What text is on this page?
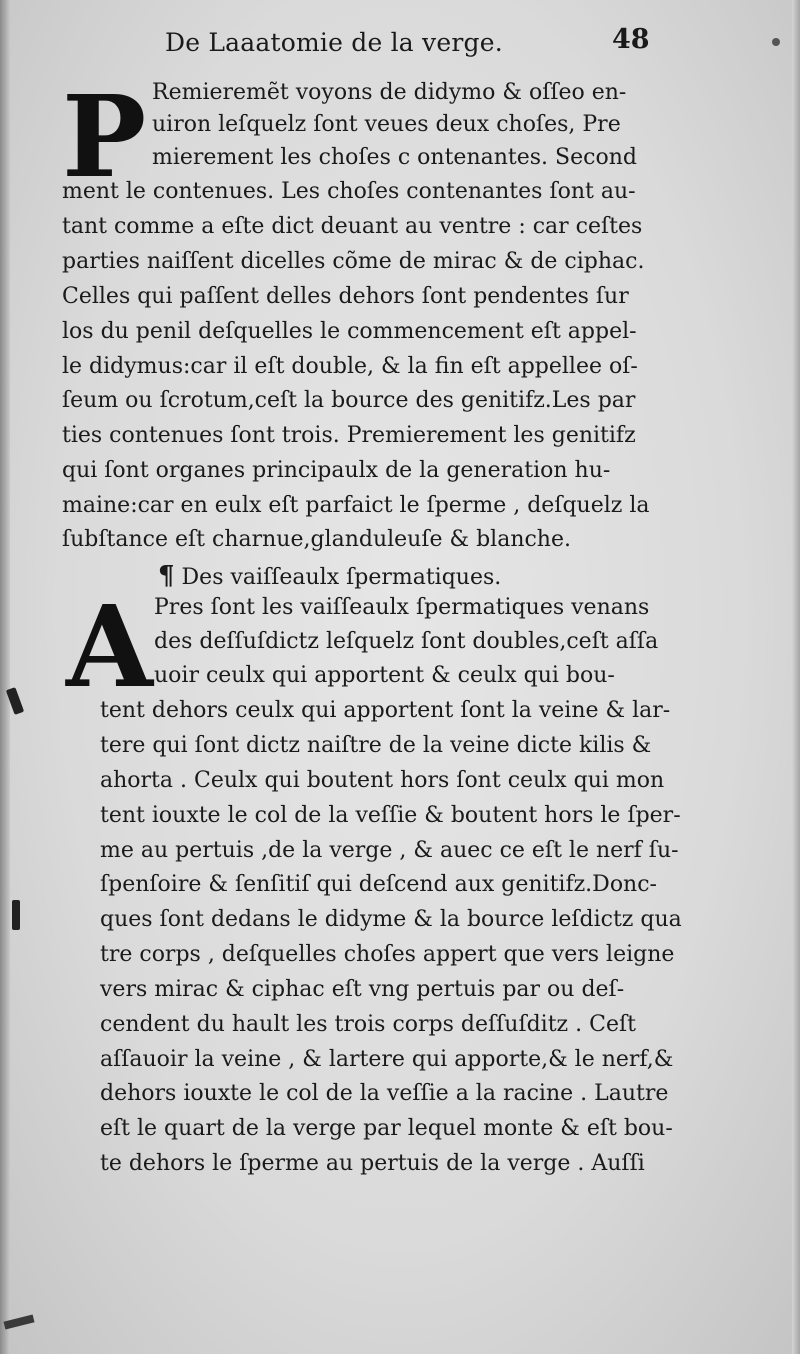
De Laaatomie de la verge.	48
P Remieremẽt voyons de didymo & oſſeo en-
uiron leſquelz ſont veues deux choſes, Pre
mierement les choſes c ontenantes. Second
ment le contenues. Les choſes contenantes ſont au-
tant comme a eſte dict deuant au ventre : car ceſtes
parties naiſſent dicelles cõme de mirac & de ciphac.
Celles qui paſſent delles dehors ſont pendentes ſur
los du penil deſquelles le commencement eſt appel-
le didymus:car il eſt double, & la fin eſt appellee oſ-
ſeum ou ſcrotum,ceſt la bource des genitifz.Les par
ties contenues ſont trois. Premierement les genitifz
qui ſont organes principaulx de la generation hu-
maine:car en eulx eſt parfaict le ſperme , deſquelz la
ſubſtance eſt charnue,glanduleuſe & blanche.
¶ Des vaiſſeaulx ſpermatiques.
A Pres ſont les vaiſſeaulx ſpermatiques venans
des deſſuſdictz leſquelz ſont doubles,ceſt aſſa
uoir ceulx qui apportent & ceulx qui bou-
tent dehors ceulx qui apportent ſont la veine & lar-
tere qui ſont dictz naiſtre de la veine dicte kilis &
ahorta . Ceulx qui boutent hors ſont ceulx qui mon
tent iouxte le col de la veſſie & boutent hors le ſper-
me au pertuis ,de la verge , & auec ce eſt le nerf ſu-
ſpenſoire & ſenſitiſ qui deſcend aux genitifz.Donc-
ques ſont dedans le didyme & la bource leſdictz qua
tre corps , deſquelles choſes appert que vers leigne
vers mirac & ciphac eſt vng pertuis par ou deſ-
cendent du hault les trois corps deſſuſditz . Ceſt
aſſauoir la veine , & lartere qui apporte,& le nerf,&
dehors iouxte le col de la veſſie a la racine . Lautre
eſt le quart de la verge par lequel monte & eſt bou-
te dehors le ſperme au pertuis de la verge . Auſſi
